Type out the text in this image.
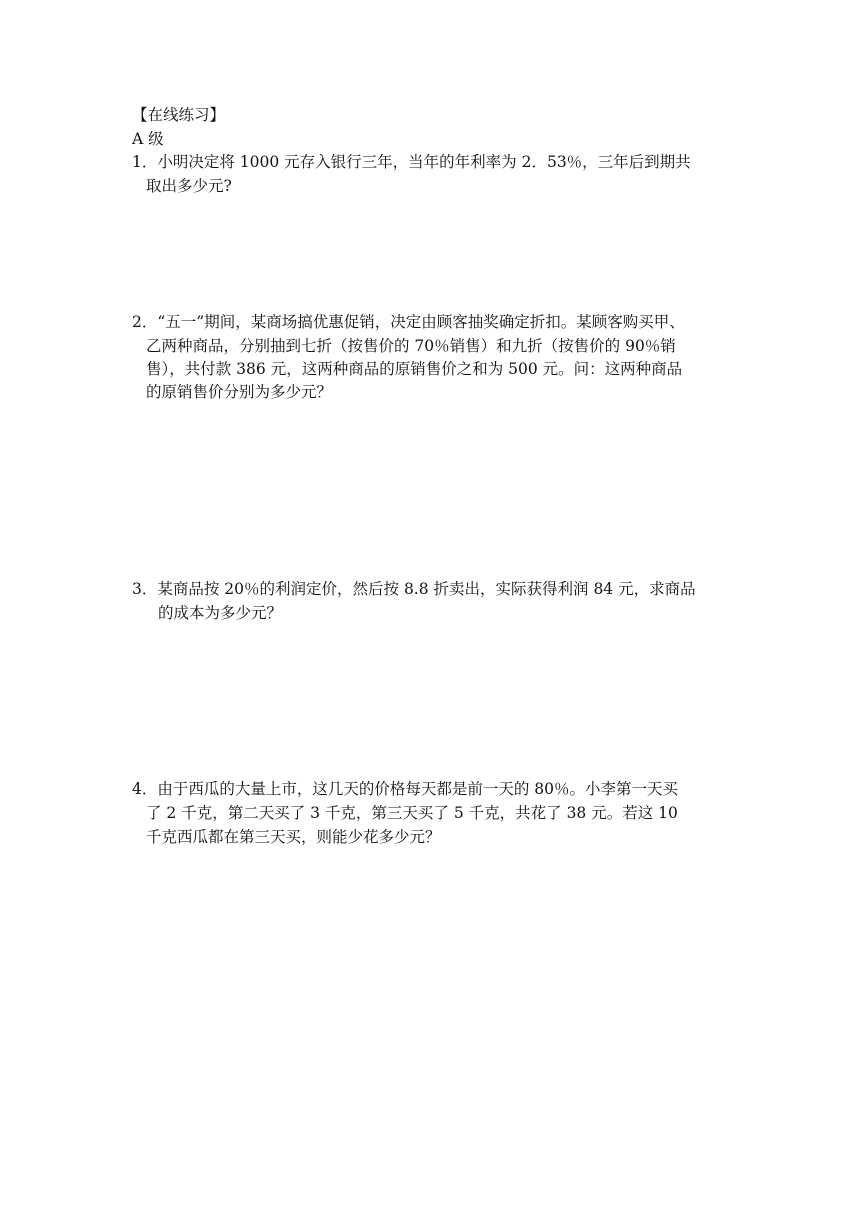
【在线练习】
A 级
1．小明决定将 1000 元存入银行三年，当年的年利率为 2．53％，三年后到期共
取出多少元?
2．“五一”期间，某商场搞优惠促销，决定由顾客抽奖确定折扣。某顾客购买甲、
乙两种商品，分别抽到七折（按售价的 70％销售）和九折（按售价的 90％销
售），共付款 386 元，这两种商品的原销售价之和为 500 元。问：这两种商品
的原销售价分别为多少元？
3．某商品按 20％的利润定价，然后按 8.8 折卖出，实际获得利润 84 元，求商品
的成本为多少元？
4．由于西瓜的大量上市，这几天的价格每天都是前一天的 80％。小李第一天买
了 2 千克，第二天买了 3 千克，第三天买了 5 千克，共花了 38 元。若这 10
千克西瓜都在第三天买，则能少花多少元？
